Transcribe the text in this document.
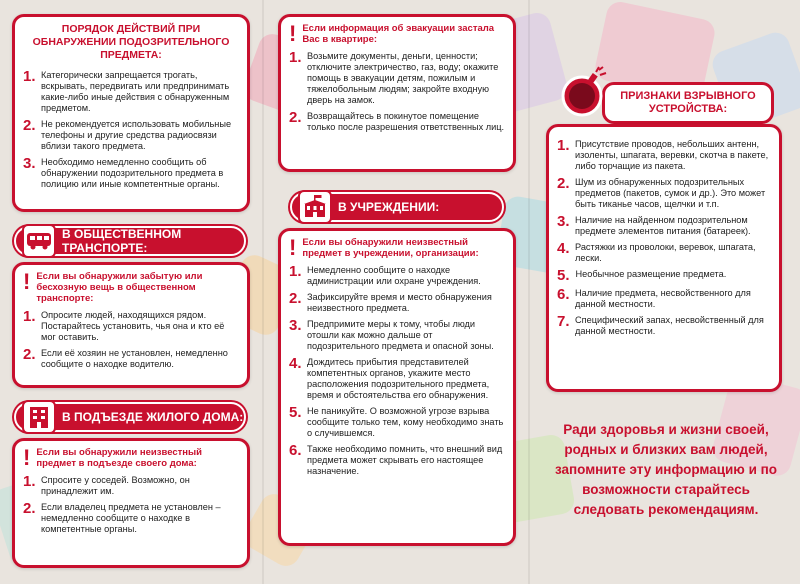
ПОРЯДОК ДЕЙСТВИЙ ПРИ ОБНАРУЖЕНИИ ПОДОЗРИТЕЛЬНОГО ПРЕДМЕТА:
1. Категорически запрещается трогать, вскрывать, передвигать или предпринимать какие-либо иные действия с обнаруженным предметом.
2. Не рекомендуется использовать мобильные телефоны и другие средства радиосвязи вблизи такого предмета.
3. Необходимо немедленно сообщить об обнаружении подозрительного предмета в полицию или иные компетентные органы.
В ОБЩЕСТВЕННОМ ТРАНСПОРТЕ:
! Если вы обнаружили забытую или бесхозную вещь в общественном транспорте:
1. Опросите людей, находящихся рядом. Постарайтесь установить, чья она и кто её мог оставить.
2. Если её хозяин не установлен, немедленно сообщите о находке водителю.
В ПОДЪЕЗДЕ ЖИЛОГО ДОМА:
! Если вы обнаружили неизвестный предмет в подъезде своего дома:
1. Спросите у соседей. Возможно, он принадлежит им.
2. Если владелец предмета не установлен – немедленно сообщите о находке в компетентные органы.
! Если информация об эвакуации застала Вас в квартире:
1. Возьмите документы, деньги, ценности; отключите электричество, газ, воду; окажите помощь в эвакуации детям, пожилым и тяжелобольным людям; закройте входную дверь на замок.
2. Возвращайтесь в покинутое помещение только после разрешения ответственных лиц.
В УЧРЕЖДЕНИИ:
! Если вы обнаружили неизвестный предмет в учреждении, организации:
1. Немедленно сообщите о находке администрации или охране учреждения.
2. Зафиксируйте время и место обнаружения неизвестного предмета.
3. Предпримите меры к тому, чтобы люди отошли как можно дальше от подозрительного предмета и опасной зоны.
4. Дождитесь прибытия представителей компетентных органов, укажите место расположения подозрительного предмета, время и обстоятельства его обнаружения.
5. Не паникуйте. О возможной угрозе взрыва сообщите только тем, кому необходимо знать о случившемся.
6. Также необходимо помнить, что внешний вид предмета может скрывать его настоящее назначение.
ПРИЗНАКИ ВЗРЫВНОГО УСТРОЙСТВА:
1. Присутствие проводов, небольших антенн, изоленты, шпагата, веревки, скотча в пакете, либо торчащие из пакета.
2. Шум из обнаруженных подозрительных предметов (пакетов, сумок и др.). Это может быть тиканье часов, щелчки и т.п.
3. Наличие на найденном подозрительном предмете элементов питания (батареек).
4. Растяжки из проволоки, веревок, шпагата, лески.
5. Необычное размещение предмета.
6. Наличие предмета, несвойственного для данной местности.
7. Специфический запах, несвойственный для данной местности.
Ради здоровья и жизни своей, родных и близких вам людей, запомните эту информацию и по возможности старайтесь следовать рекомендациям.
